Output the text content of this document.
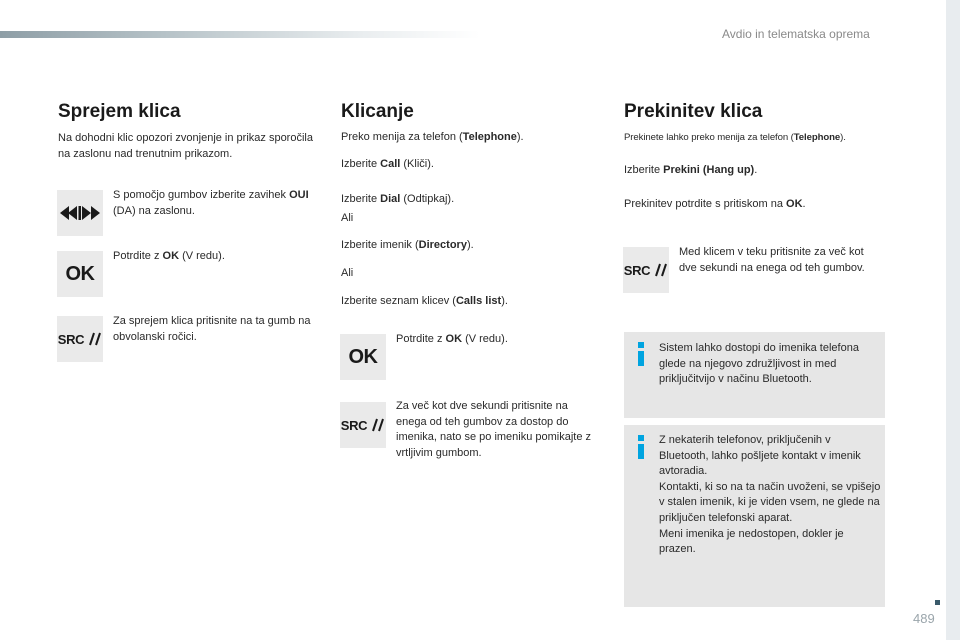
Avdio in telematska oprema
Sprejem klica
Na dohodni klic opozori zvonjenje in prikaz sporočila na zaslonu nad trenutnim prikazom.
S pomočjo gumbov izberite zavihek OUI (DA) na zaslonu.
OK
Potrdite z OK (V redu).
SRC
Za sprejem klica pritisnite na ta gumb na obvolanski ročici.
Klicanje
Preko menija za telefon (Telephone).
Izberite Call (Kliči).
Izberite Dial (Odtipkaj).
Ali
Izberite imenik (Directory).
Ali
Izberite seznam klicev (Calls list).
OK
Potrdite z OK (V redu).
SRC
Za več kot dve sekundi pritisnite na enega od teh gumbov za dostop do imenika, nato se po imeniku pomikajte z vrtljivim gumbom.
Prekinitev klica
Prekinete lahko preko menija za telefon (Telephone).
Izberite Prekini (Hang up).
Prekinitev potrdite s pritiskom na OK.
SRC
Med klicem v teku pritisnite za več kot dve sekundi na enega od teh gumbov.
Sistem lahko dostopi do imenika telefona glede na njegovo združljivost in med priključitvijo v načinu Bluetooth.
Z nekaterih telefonov, priključenih v Bluetooth, lahko pošljete kontakt v imenik avtoradia.
Kontakti, ki so na ta način uvoženi, se vpišejo v stalen imenik, ki je viden vsem, ne glede na priključen telefonski aparat.
Meni imenika je nedostopen, dokler je prazen.
489
